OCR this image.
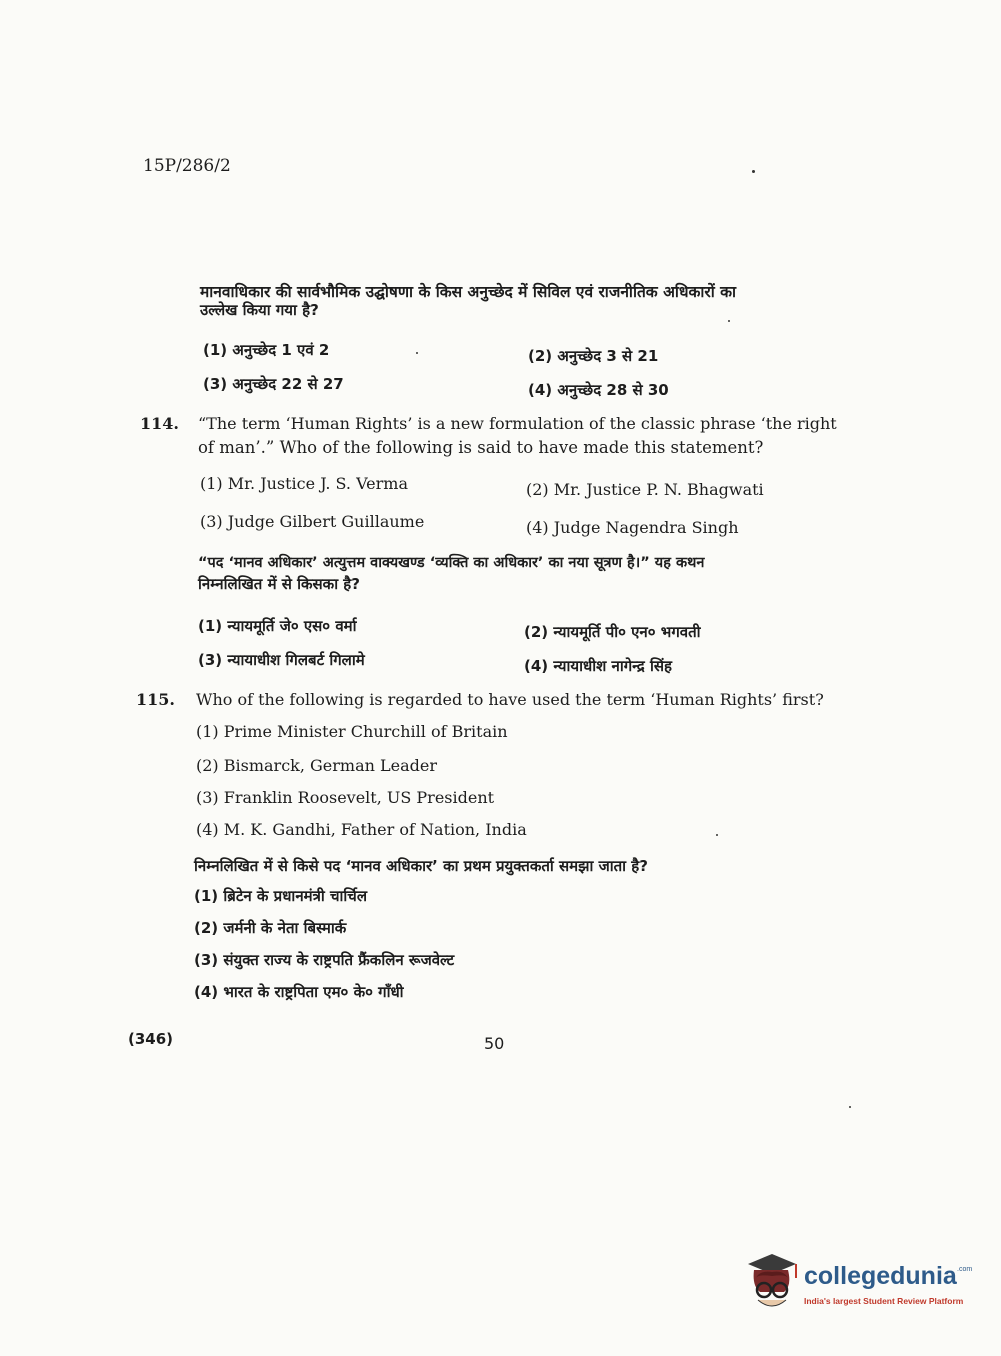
15P/286/2
मानवाधिकार की सार्वभौमिक उद्घोषणा के किस अनुच्छेद में सिविल एवं राजनीतिक अधिकारों का
उल्लेख किया गया है?
(1) अनुच्छेद 1 एवं 2	(2) अनुच्छेद 3 से 21
(3) अनुच्छेद 22 से 27	(4) अनुच्छेद 28 से 30
114. “The term ‘Human Rights’ is a new formulation of the classic phrase ‘the right
of man’.” Who of the following is said to have made this statement?
(1) Mr. Justice J. S. Verma	(2) Mr. Justice P. N. Bhagwati
(3) Judge Gilbert Guillaume	(4) Judge Nagendra Singh
“पद ‘मानव अधिकार’ अत्युत्तम वाक्यखण्ड ‘व्यक्ति का अधिकार’ का नया सूत्रण है।” यह कथन
निम्नलिखित में से किसका है?
(1) न्यायमूर्ति जे० एस० वर्मा	(2) न्यायमूर्ति पी० एन० भगवती
(3) न्यायाधीश गिलबर्ट गिलामे	(4) न्यायाधीश नागेन्द्र सिंह
115. Who of the following is regarded to have used the term ‘Human Rights’ first?
(1) Prime Minister Churchill of Britain
(2) Bismarck, German Leader
(3) Franklin Roosevelt, US President
(4) M. K. Gandhi, Father of Nation, India
निम्नलिखित में से किसे पद ‘मानव अधिकार’ का प्रथम प्रयुक्तकर्ता समझा जाता है?
(1) ब्रिटेन के प्रधानमंत्री चार्चिल
(2) जर्मनी के नेता बिस्मार्क
(3) संयुक्त राज्य के राष्ट्रपति फ्रैंकलिन रूजवेल्ट
(4) भारत के राष्ट्रपिता एम० के० गाँधी
(346)	50
collegedunia .com
India's largest Student Review Platform
